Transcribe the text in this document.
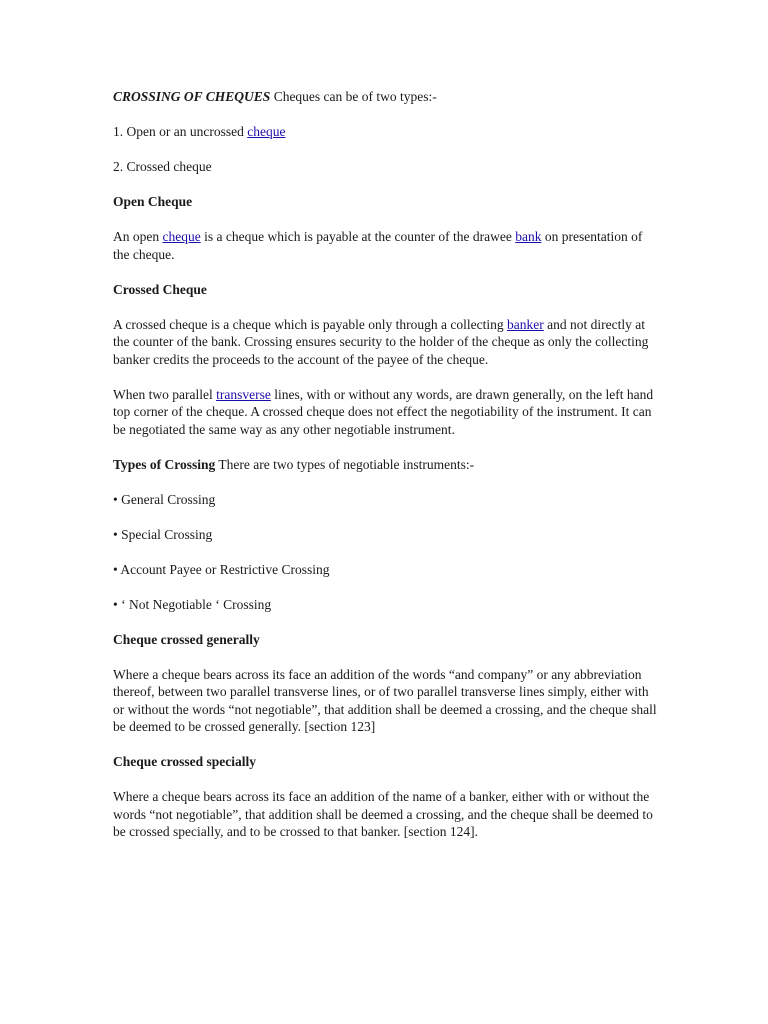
CROSSING OF CHEQUES Cheques can be of two types:-

1. Open or an uncrossed cheque

2. Crossed cheque

Open Cheque

An open cheque is a cheque which is payable at the counter of the drawee bank on presentation of the cheque.

Crossed Cheque

A crossed cheque is a cheque which is payable only through a collecting banker and not directly at the counter of the bank. Crossing ensures security to the holder of the cheque as only the collecting banker credits the proceeds to the account of the payee of the cheque.

When two parallel transverse lines, with or without any words, are drawn generally, on the left hand top corner of the cheque. A crossed cheque does not effect the negotiability of the instrument. It can be negotiated the same way as any other negotiable instrument.

Types of Crossing There are two types of negotiable instruments:-

• General Crossing

• Special Crossing

• Account Payee or Restrictive Crossing

• ‘ Not Negotiable ‘ Crossing

Cheque crossed generally

Where a cheque bears across its face an addition of the words “and company” or any abbreviation thereof, between two parallel transverse lines, or of two parallel transverse lines simply, either with or without the words “not negotiable”, that addition shall be deemed a crossing, and the cheque shall be deemed to be crossed generally. [section 123]

Cheque crossed specially

Where a cheque bears across its face an addition of the name of a banker, either with or without the words “not negotiable”, that addition shall be deemed a crossing, and the cheque shall be deemed to be crossed specially, and to be crossed to that banker. [section 124].
